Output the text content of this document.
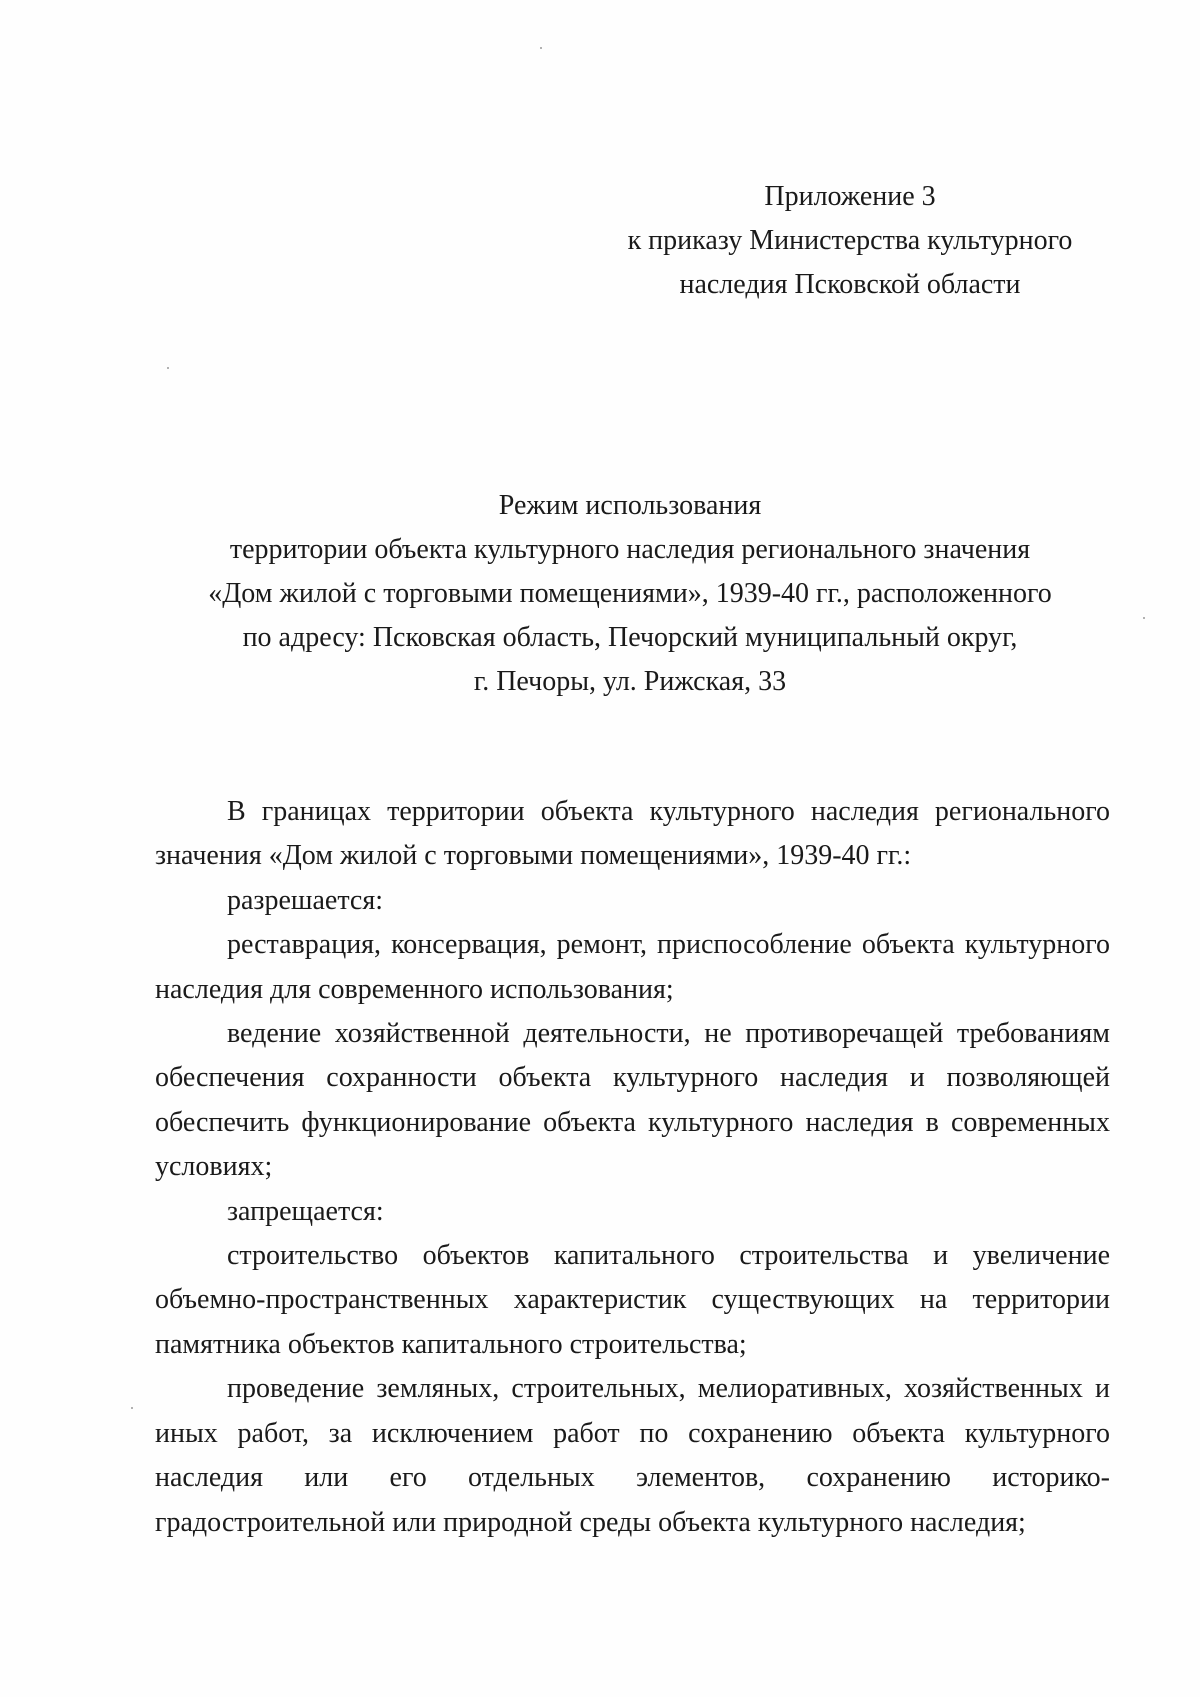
Приложение 3
к приказу Министерства культурного
наследия Псковской области
Режим использования
территории объекта культурного наследия регионального значения
«Дом жилой с торговыми помещениями», 1939-40 гг., расположенного
по адресу: Псковская область, Печорский муниципальный округ,
г. Печоры, ул. Рижская, 33

В границах территории объекта культурного наследия регионального значения «Дом жилой с торговыми помещениями», 1939-40 гг.:

разрешается:

реставрация, консервация, ремонт, приспособление объекта культурного наследия для современного использования;

ведение хозяйственной деятельности, не противоречащей требованиям обеспечения сохранности объекта культурного наследия и позволяющей обеспечить функционирование объекта культурного наследия в современных условиях;

запрещается:

строительство объектов капитального строительства и увеличение объемно-пространственных характеристик существующих на территории памятника объектов капитального строительства;

проведение земляных, строительных, мелиоративных, хозяйственных и иных работ, за исключением работ по сохранению объекта культурного наследия или его отдельных элементов, сохранению историко-градостроительной или природной среды объекта культурного наследия;
